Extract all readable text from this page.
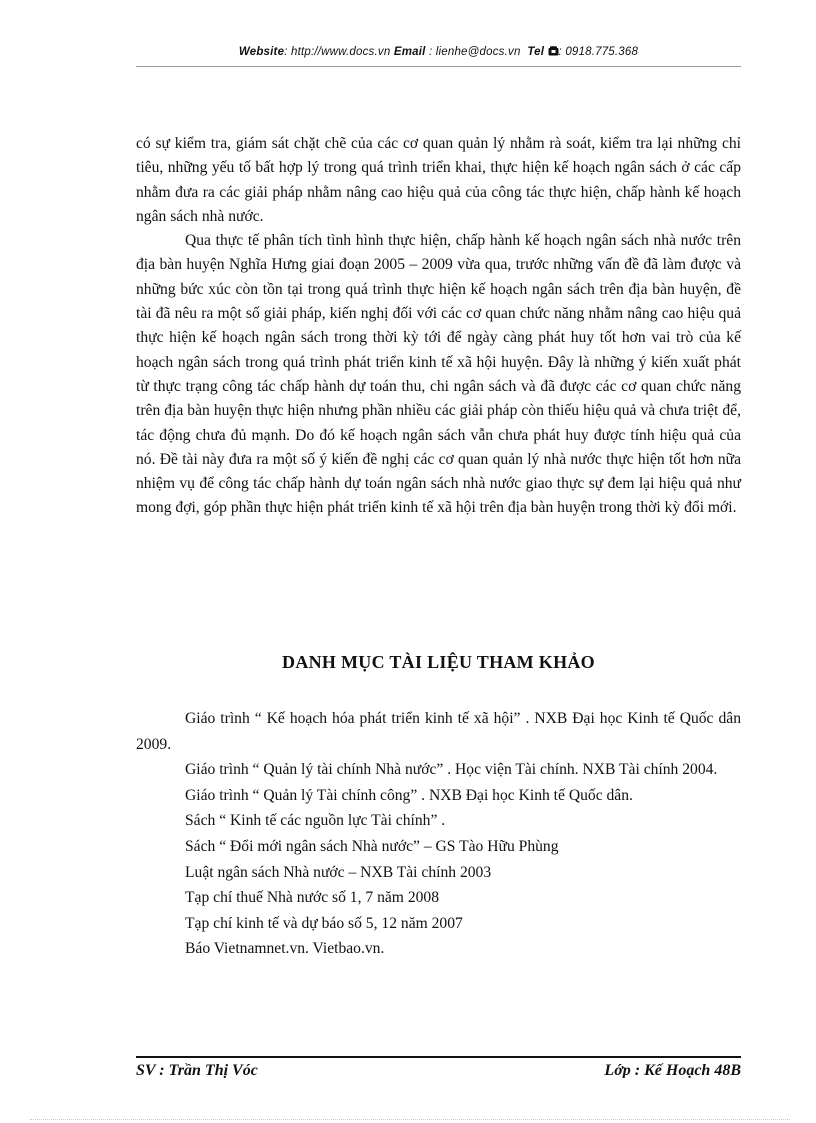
Website: http://www.docs.vn Email : lienhe@docs.vn Tel : 0918.775.368

có sự kiểm tra, giám sát chặt chẽ của các cơ quan quản lý nhằm rà soát, kiểm tra lại những chỉ tiêu, những yếu tố bất hợp lý trong quá trình triển khai, thực hiện kế hoạch ngân sách ở các cấp nhằm đưa ra các giải pháp nhằm nâng cao hiệu quả của công tác thực hiện, chấp hành kế hoạch ngân sách nhà nước.

Qua thực tế phân tích tình hình thực hiện, chấp hành kế hoạch ngân sách nhà nước trên địa bàn huyện Nghĩa Hưng giai đoạn 2005 – 2009 vừa qua, trước những vấn đề đã làm được và những bức xúc còn tồn tại trong quá trình thực hiện kế hoạch ngân sách trên địa bàn huyện, đề tài đã nêu ra một số giải pháp, kiến nghị đối với các cơ quan chức năng nhằm nâng cao hiệu quả thực hiện kế hoạch ngân sách trong thời kỳ tới để ngày càng phát huy tốt hơn vai trò của kế hoạch ngân sách trong quá trình phát triển kinh tế xã hội huyện. Đây là những ý kiến xuất phát từ thực trạng công tác chấp hành dự toán thu, chi ngân sách và đã được các cơ quan chức năng trên địa bàn huyện thực hiện nhưng phần nhiều các giải pháp còn thiếu hiệu quả và chưa triệt để, tác động chưa đủ mạnh. Do đó kế hoạch ngân sách vẫn chưa phát huy được tính hiệu quả của nó. Đề tài này đưa ra một số ý kiến đề nghị các cơ quan quản lý nhà nước thực hiện tốt hơn nữa nhiệm vụ để công tác chấp hành dự toán ngân sách nhà nước giao thực sự đem lại hiệu quả như mong đợi, góp phần thực hiện phát triển kinh tế xã hội trên địa bàn huyện trong thời kỳ đổi mới.

DANH MỤC TÀI LIỆU THAM KHẢO
Giáo trình “ Kế hoạch hóa phát triển kinh tế xã hội” . NXB Đại học Kinh tế Quốc dân 2009.
Giáo trình “ Quản lý tài chính Nhà nước” . Học viện Tài chính. NXB Tài chính 2004.
Giáo trình “ Quản lý Tài chính công” . NXB Đại học Kinh tế Quốc dân.
Sách “ Kinh tế các nguồn lực Tài chính” .
Sách “ Đổi mới ngân sách Nhà nước” – GS Tào Hữu Phùng
Luật ngân sách Nhà nước – NXB Tài chính 2003
Tạp chí thuế Nhà nước số 1, 7 năm 2008
Tạp chí kinh tế và dự báo số 5, 12 năm 2007
Báo Vietnamnet.vn. Vietbao.vn.
SV : Trần Thị Vóc	Lớp : Kế Hoạch 48B
